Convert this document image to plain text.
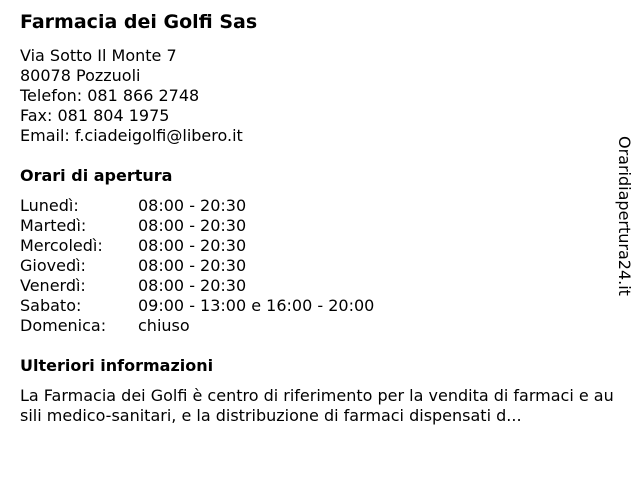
Farmacia dei Golfi Sas
Via Sotto Il Monte 7
80078 Pozzuoli
Telefon: 081 866 2748
Fax: 081 804 1975
Email: f.ciadeigolfi@libero.it
Orari di apertura
Lunedì:	08:00 - 20:30
Martedì:	08:00 - 20:30
Mercoledì:	08:00 - 20:30
Giovedì:	08:00 - 20:30
Venerdì:	08:00 - 20:30
Sabato:	09:00 - 13:00 e 16:00 - 20:00
Domenica:	chiuso
Ulteriori informazioni
La Farmacia dei Golfi è centro di riferimento per la vendita di farmaci e ausili medico-sanitari, e la distribuzione di farmaci dispensati d...
Oraridiapertura24.it
